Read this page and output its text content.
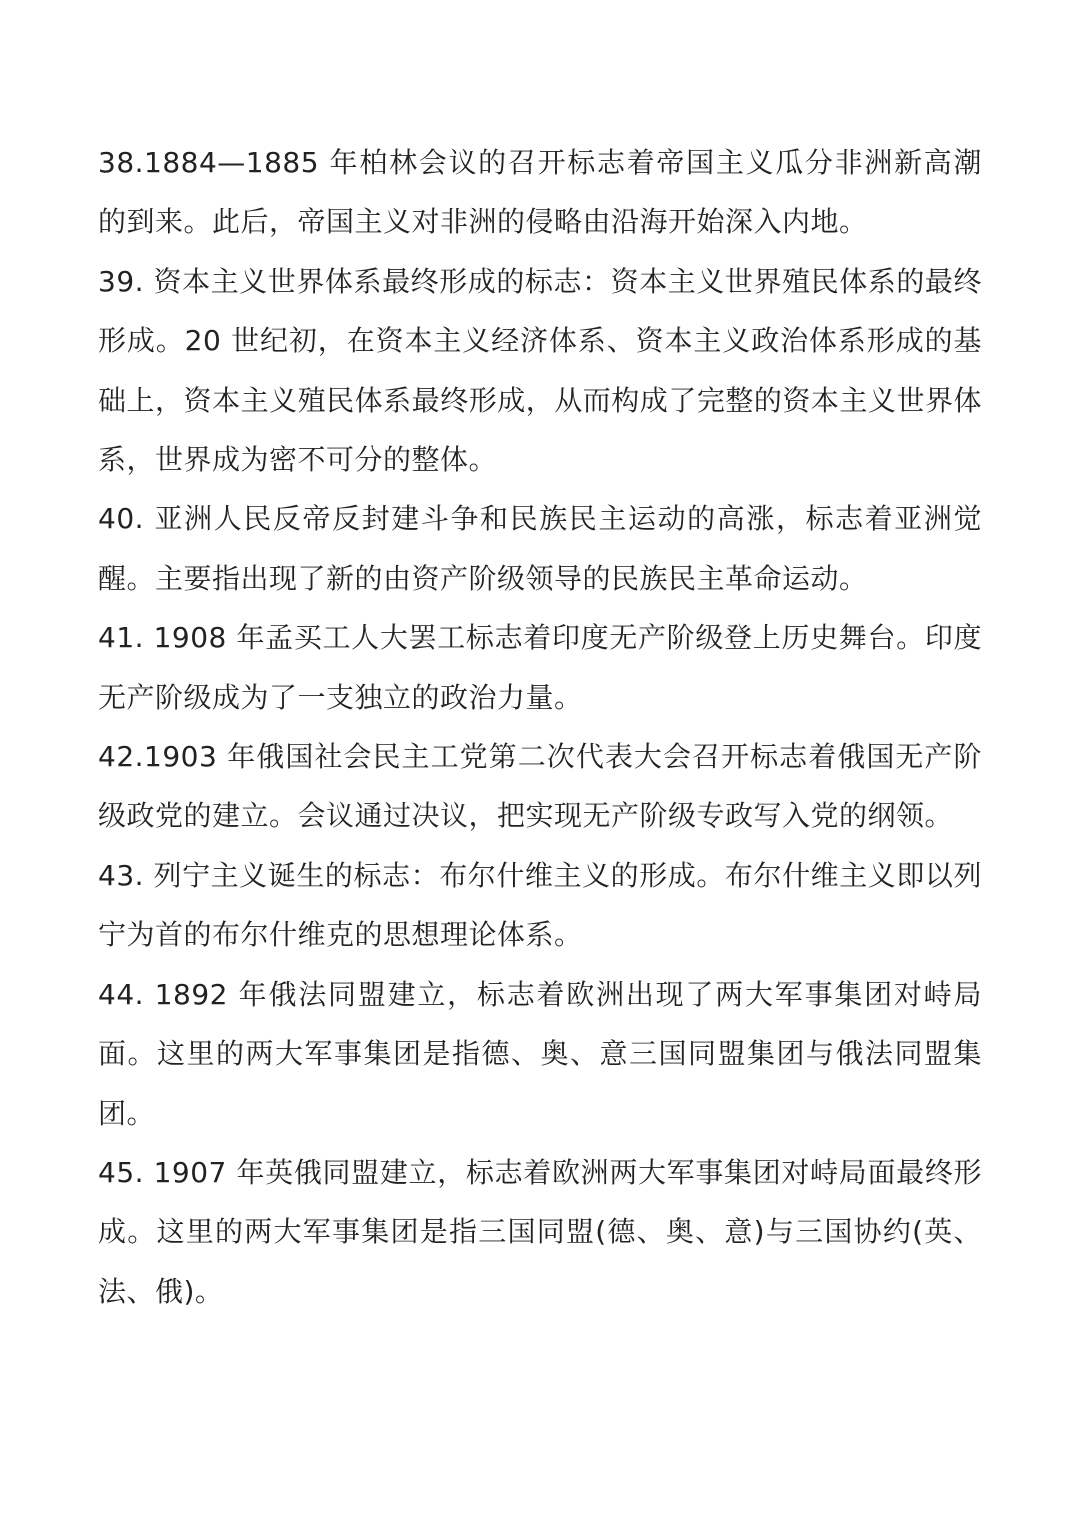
38.1884—1885 年柏林会议的召开标志着帝国主义瓜分非洲新高潮的到来。此后，帝国主义对非洲的侵略由沿海开始深入内地。

39. 资本主义世界体系最终形成的标志：资本主义世界殖民体系的最终形成。20 世纪初，在资本主义经济体系、资本主义政治体系形成的基础上，资本主义殖民体系最终形成，从而构成了完整的资本主义世界体系，世界成为密不可分的整体。

40. 亚洲人民反帝反封建斗争和民族民主运动的高涨，标志着亚洲觉醒。主要指出现了新的由资产阶级领导的民族民主革命运动。

41. 1908 年孟买工人大罢工标志着印度无产阶级登上历史舞台。印度无产阶级成为了一支独立的政治力量。

42.1903 年俄国社会民主工党第二次代表大会召开标志着俄国无产阶级政党的建立。会议通过决议，把实现无产阶级专政写入党的纲领。

43. 列宁主义诞生的标志：布尔什维主义的形成。布尔什维主义即以列宁为首的布尔什维克的思想理论体系。

44. 1892 年俄法同盟建立，标志着欧洲出现了两大军事集团对峙局面。这里的两大军事集团是指德、奥、意三国同盟集团与俄法同盟集团。

45. 1907 年英俄同盟建立，标志着欧洲两大军事集团对峙局面最终形成。这里的两大军事集团是指三国同盟(德、奥、意)与三国协约(英、法、俄)。
